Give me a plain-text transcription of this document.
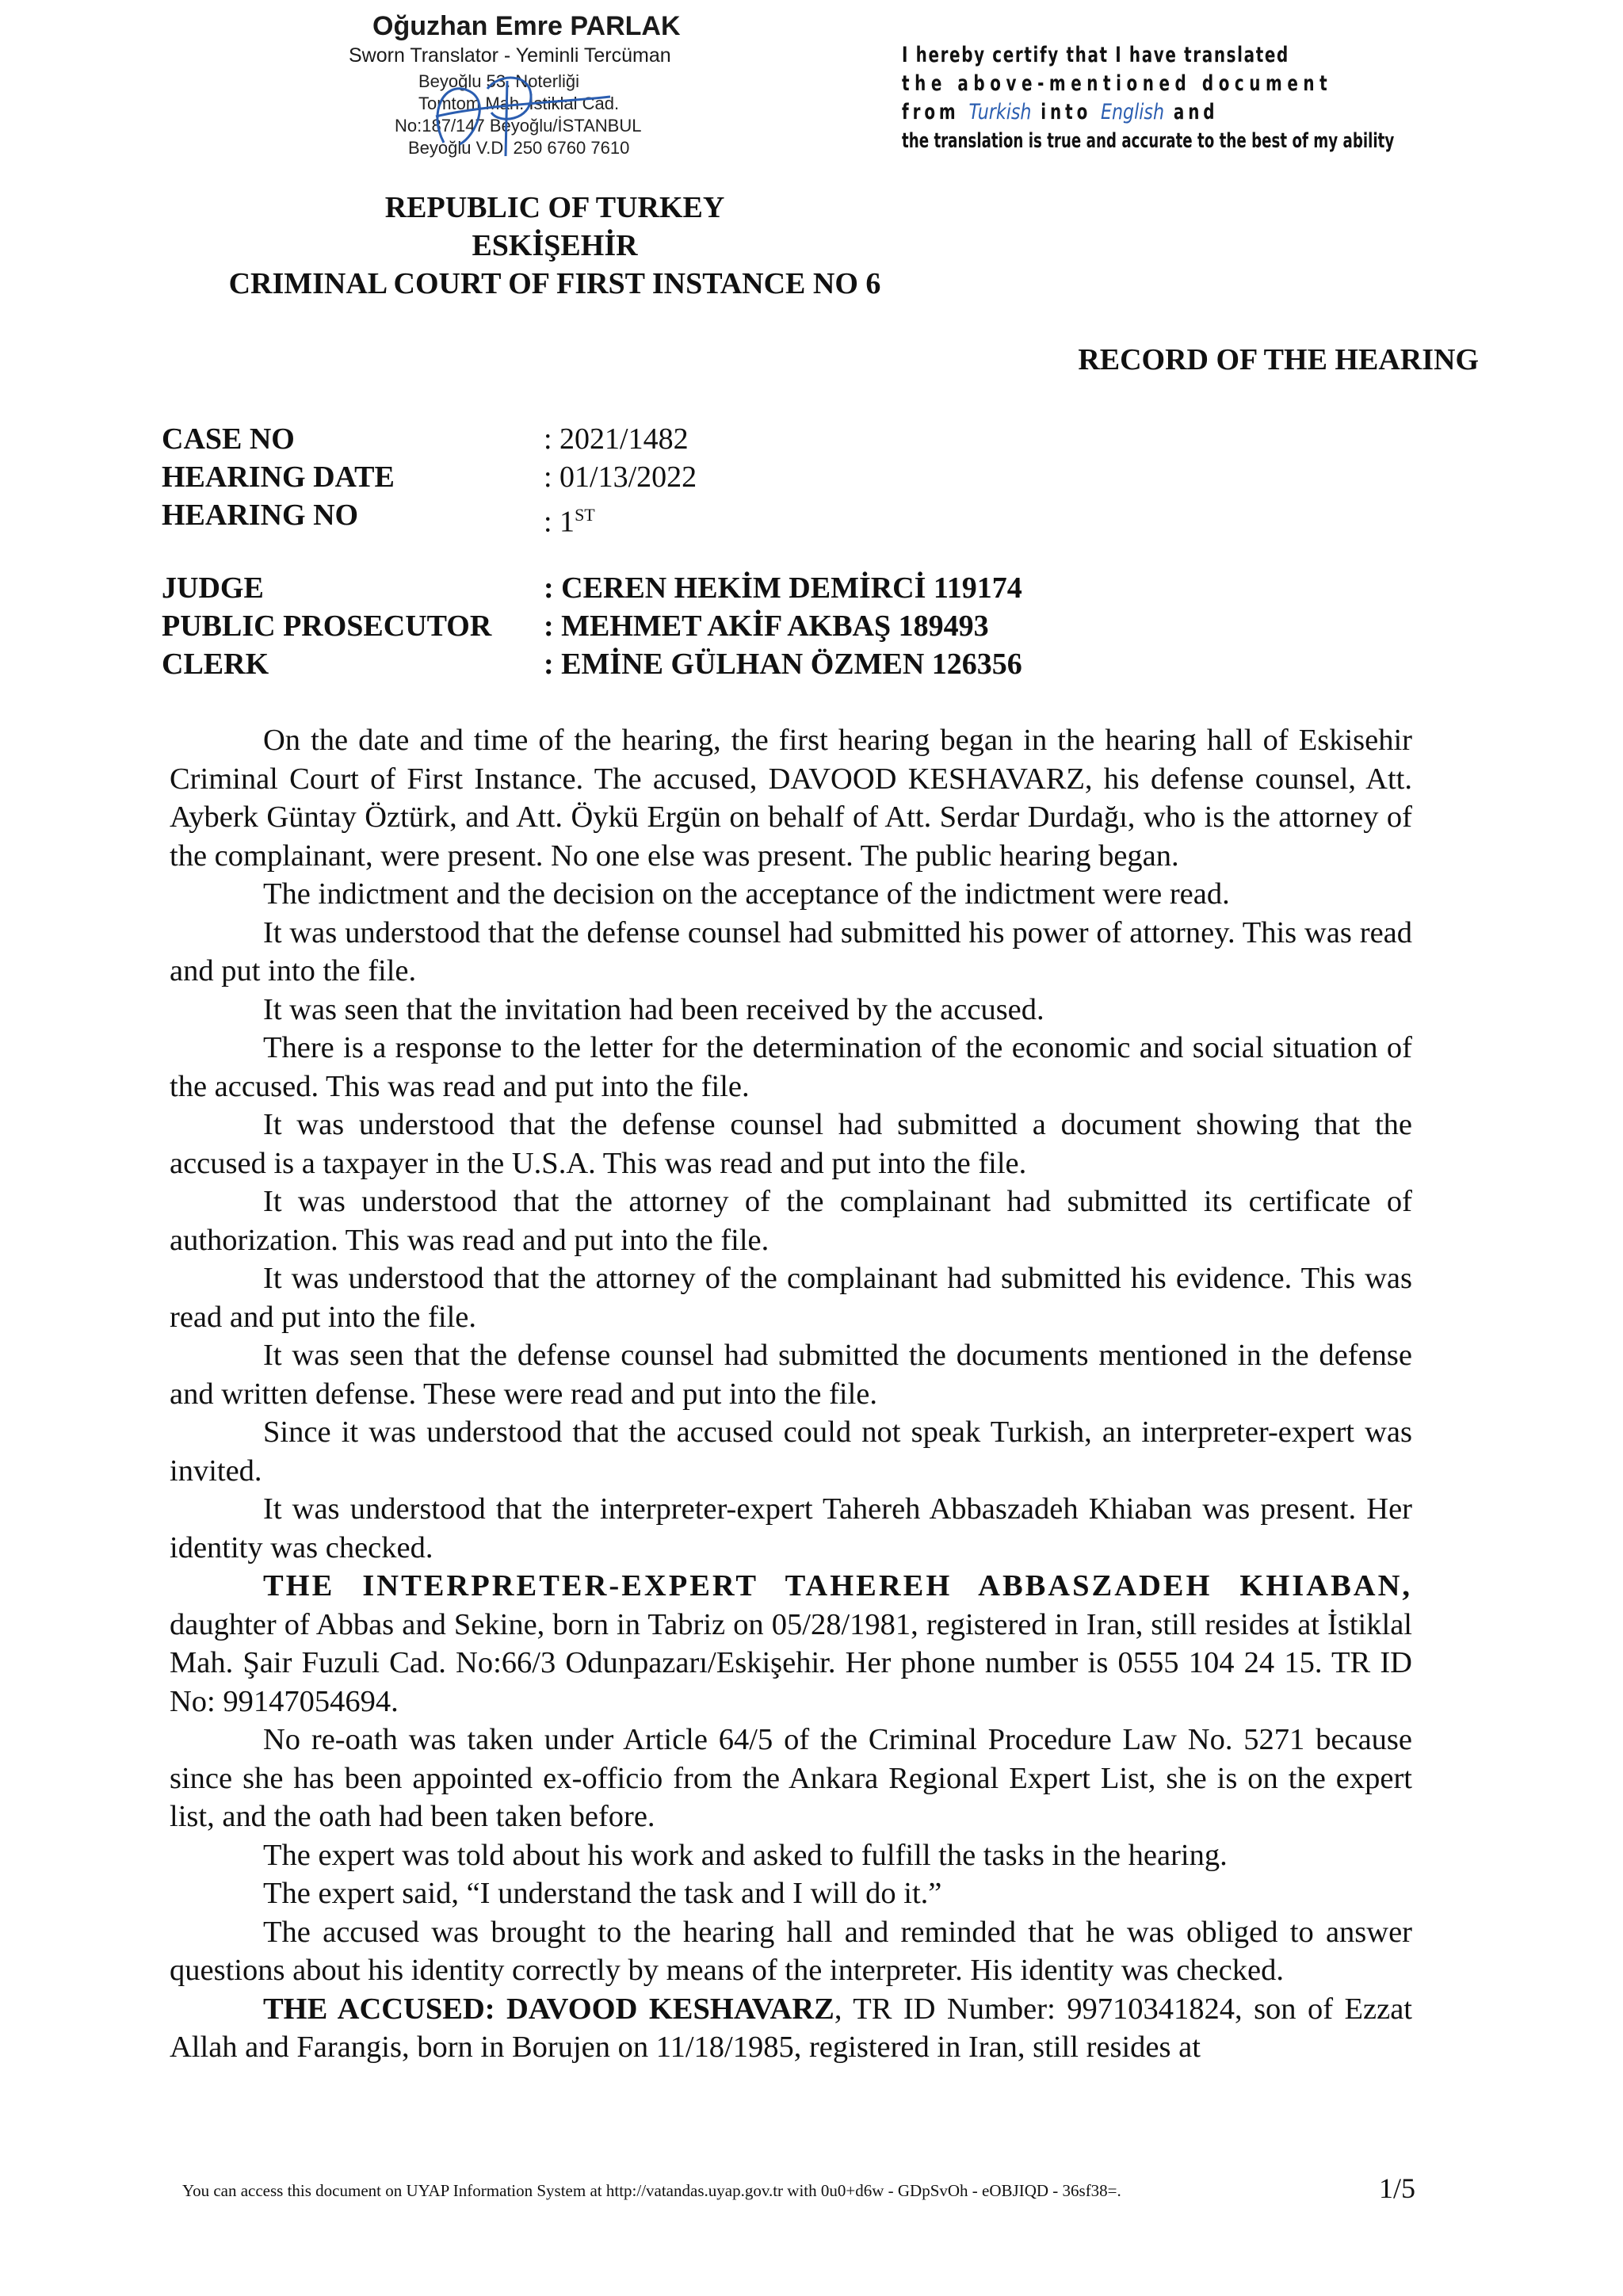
Oğuzhan Emre PARLAK
Sworn Translator - Yeminli Tercüman
Beyoğlu 53. Noterliği
Tomtom Mah. İstiklal Cad.
No:187/147 Beyoğlu/İSTANBUL
Beyoğlu V.D. 250 6760 7610
I hereby certify that I have translated
the above-mentioned document
from Turkish into English and
the translation is true and accurate to the best of my ability
REPUBLIC OF TURKEY
ESKİŞEHİR
CRIMINAL COURT OF FIRST INSTANCE NO 6
RECORD OF THE HEARING
CASE NO	: 2021/1482
HEARING DATE	: 01/13/2022
HEARING NO	: 1ST
JUDGE	: CEREN HEKİM DEMİRCİ 119174
PUBLIC PROSECUTOR	: MEHMET AKİF AKBAŞ 189493
CLERK	: EMİNE GÜLHAN ÖZMEN 126356

On the date and time of the hearing, the first hearing began in the hearing hall of Eskisehir Criminal Court of First Instance. The accused, DAVOOD KESHAVARZ, his defense counsel, Att. Ayberk Güntay Öztürk, and Att. Öykü Ergün on behalf of Att. Serdar Durdağı, who is the attorney of the complainant, were present. No one else was present. The public hearing began.

The indictment and the decision on the acceptance of the indictment were read.

It was understood that the defense counsel had submitted his power of attorney. This was read and put into the file.

It was seen that the invitation had been received by the accused.

There is a response to the letter for the determination of the economic and social situation of the accused. This was read and put into the file.

It was understood that the defense counsel had submitted a document showing that the accused is a taxpayer in the U.S.A. This was read and put into the file.

It was understood that the attorney of the complainant had submitted its certificate of authorization. This was read and put into the file.

It was understood that the attorney of the complainant had submitted his evidence. This was read and put into the file.

It was seen that the defense counsel had submitted the documents mentioned in the defense and written defense. These were read and put into the file.

Since it was understood that the accused could not speak Turkish, an interpreter-expert was invited.

It was understood that the interpreter-expert Tahereh Abbaszadeh Khiaban was present. Her identity was checked.

THE INTERPRETER-EXPERT TAHEREH ABBASZADEH KHIABAN, daughter of Abbas and Sekine, born in Tabriz on 05/28/1981, registered in Iran, still resides at İstiklal Mah. Şair Fuzuli Cad. No:66/3 Odunpazarı/Eskişehir. Her phone number is 0555 104 24 15. TR ID No: 99147054694.

No re-oath was taken under Article 64/5 of the Criminal Procedure Law No. 5271 because since she has been appointed ex-officio from the Ankara Regional Expert List, she is on the expert list, and the oath had been taken before.

The expert was told about his work and asked to fulfill the tasks in the hearing.

The expert said, “I understand the task and I will do it.”

The accused was brought to the hearing hall and reminded that he was obliged to answer questions about his identity correctly by means of the interpreter. His identity was checked.

THE ACCUSED: DAVOOD KESHAVARZ, TR ID Number: 99710341824, son of Ezzat Allah and Farangis, born in Borujen on 11/18/1985, registered in Iran, still resides at

You can access this document on UYAP Information System at http://vatandas.uyap.gov.tr with 0u0+d6w - GDpSvOh - eOBJIQD - 36sf38=.	1/5
